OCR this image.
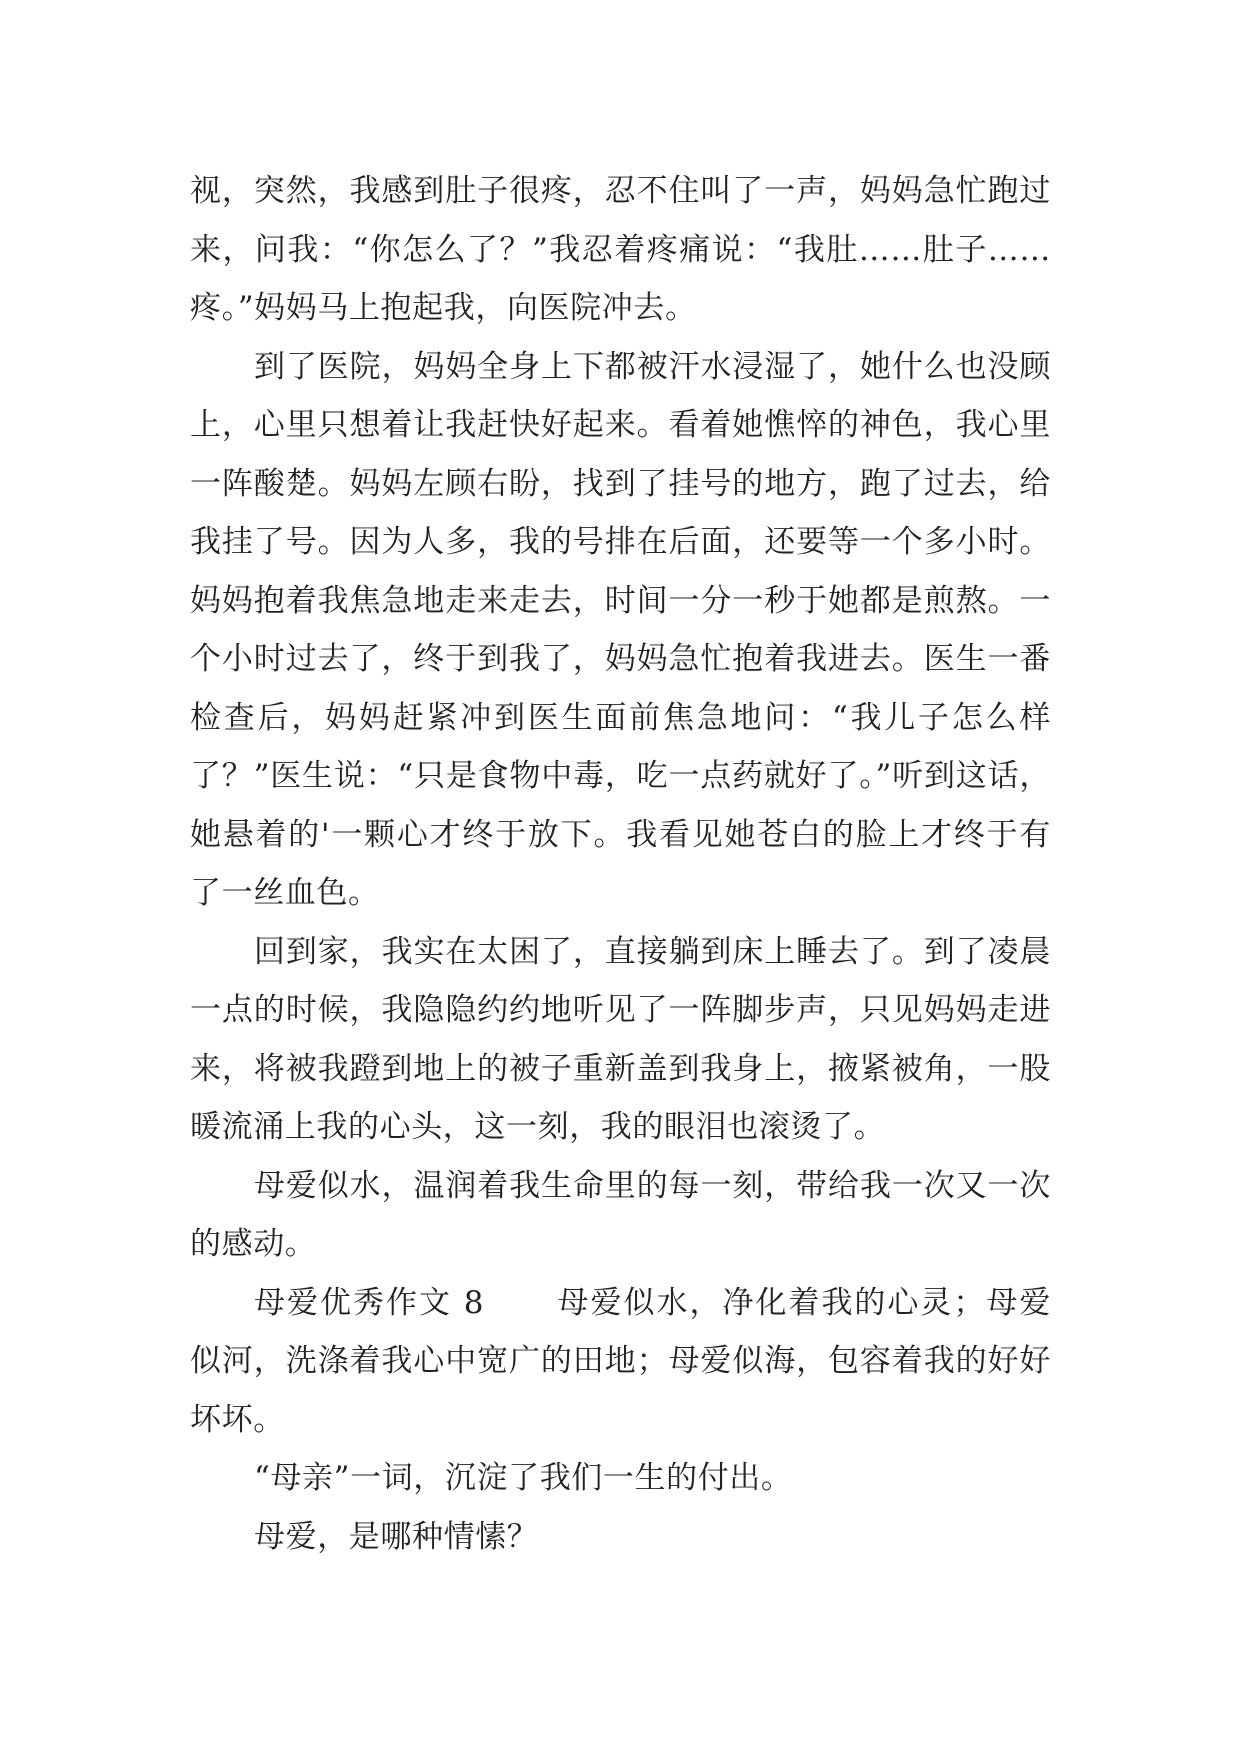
视，突然，我感到肚子很疼，忍不住叫了一声，妈妈急忙跑过来，问我：“你怎么了？”我忍着疼痛说：“我肚……肚子……疼。”妈妈马上抱起我，向医院冲去。

到了医院，妈妈全身上下都被汗水浸湿了，她什么也没顾上，心里只想着让我赶快好起来。看着她憔悴的神色，我心里一阵酸楚。妈妈左顾右盼，找到了挂号的地方，跑了过去，给我挂了号。因为人多，我的号排在后面，还要等一个多小时。妈妈抱着我焦急地走来走去，时间一分一秒于她都是煎熬。一个小时过去了，终于到我了，妈妈急忙抱着我进去。医生一番检查后，妈妈赶紧冲到医生面前焦急地问：“我儿子怎么样了？”医生说：“只是食物中毒，吃一点药就好了。”听到这话，她悬着的'一颗心才终于放下。我看见她苍白的脸上才终于有了一丝血色。

回到家，我实在太困了，直接躺到床上睡去了。到了凌晨一点的时候，我隐隐约约地听见了一阵脚步声，只见妈妈走进来，将被我蹬到地上的被子重新盖到我身上，掖紧被角，一股暖流涌上我的心头，这一刻，我的眼泪也滚烫了。

母爱似水，温润着我生命里的每一刻，带给我一次又一次的感动。

母爱优秀作文 8 母爱似水，净化着我的心灵；母爱似河，洗涤着我心中宽广的田地；母爱似海，包容着我的好好坏坏。

“母亲”一词，沉淀了我们一生的付出。

母爱，是哪种情愫？
